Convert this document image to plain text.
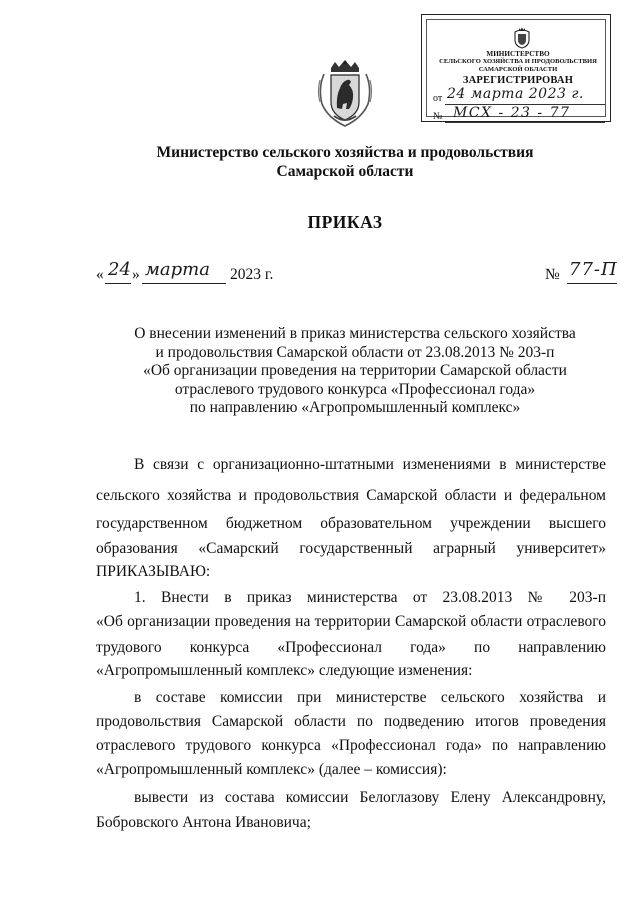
МИНИСТЕРСТВО
СЕЛЬСКОГО ХОЗЯЙСТВА И ПРОДОВОЛЬСТВИЯ
САМАРСКОЙ ОБЛАСТИ
ЗАРЕГИСТРИРОВАН
от 24 марта 2023 г.
№ МСХ - 23 - 77
Министерство сельского хозяйства и продовольствия
Самарской области
ПРИКАЗ
« 24 » марта 2023 г.	№ 77-П
О внесении изменений в приказ министерства сельского хозяйства
и продовольствия Самарской области от 23.08.2013 № 203-п
«Об организации проведения на территории Самарской области
отраслевого трудового конкурса «Профессионал года»
по направлению «Агропромышленный комплекс»
В связи с организационно-штатными изменениями в министерстве
сельского хозяйства и продовольствия Самарской области и федеральном
государственном бюджетном образовательном учреждении высшего
образования «Самарский государственный аграрный университет»
ПРИКАЗЫВАЮ:
1. Внести в приказ министерства от 23.08.2013 № 203-п
«Об организации проведения на территории Самарской области отраслевого
трудового конкурса «Профессионал года» по направлению
«Агропромышленный комплекс» следующие изменения:
в составе комиссии при министерстве сельского хозяйства и
продовольствия Самарской области по подведению итогов проведения
отраслевого трудового конкурса «Профессионал года» по направлению
«Агропромышленный комплекс» (далее – комиссия):
вывести из состава комиссии Белоглазову Елену Александровну,
Бобровского Антона Ивановича;
